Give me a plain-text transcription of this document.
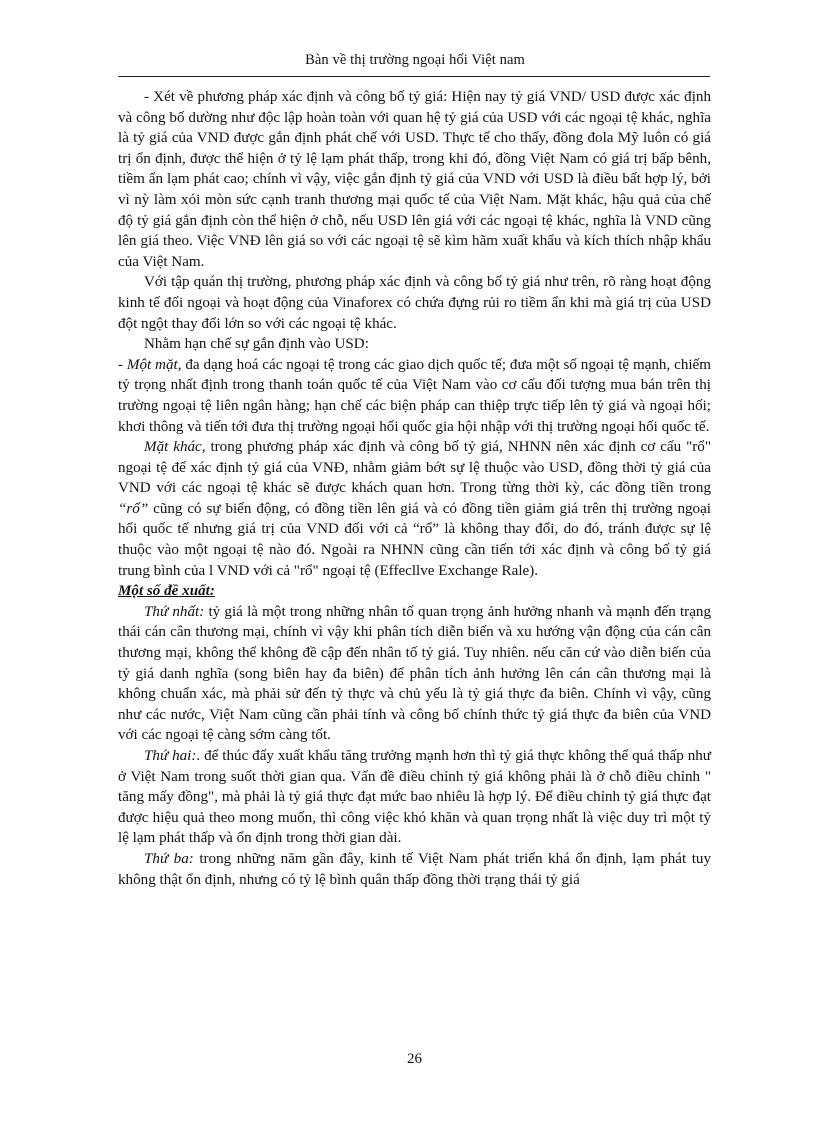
Bàn về thị trường ngoại hối Việt nam

- Xét về phương pháp xác định và công bố tỷ giá: Hiện nay tỷ giá VND/ USD được xác định và công bố dường như độc lập hoàn toàn với quan hệ tỷ giá của USD với các ngoại tệ khác, nghĩa là tỷ giá của VND được gắn định phát chế với USD. Thực tế cho thấy, đồng đola Mỹ luôn có giá trị ổn định, được thể hiện ở tỷ lệ lạm phát thấp, trong khi đó, đồng Việt Nam có giá trị bấp bênh, tiềm ẩn lạm phát cao; chính vì vậy, việc gắn định tỷ giá của VND với USD là điều bất hợp lý, bởi vì nỳ làm xói mòn sức cạnh tranh thương mại quốc tế của Việt Nam. Mặt khác, hậu quả của chế độ tỷ giá gắn định còn thể hiện ở chỗ, nếu USD lên giá với các ngoại tệ khác, nghĩa là VND cũng lên giá theo. Việc VNĐ lên giá so với các ngoại tệ sẽ kìm hãm xuất khẩu và kích thích nhập khẩu của Việt Nam.

Với tập quán thị trường, phương pháp xác định và công bố tỷ giá như trên, rõ ràng hoạt động kinh tế đối ngoại và hoạt động của Vinaforex có chứa đựng rủi ro tiềm ẩn khi mà giá trị của USD đột ngột thay đổi lớn so với các ngoại tệ khác.

Nhằm hạn chế sự gắn định vào USD:

- Một mặt, đa dạng hoá các ngoại tệ trong các giao dịch quốc tế; đưa một số ngoại tệ mạnh, chiếm tỷ trọng nhất định trong thanh toán quốc tế của Việt Nam vào cơ cấu đối tượng mua bán trên thị trường ngoại tệ liên ngân hàng; hạn chế các biện pháp can thiệp trực tiếp lên tỷ giá và ngoại hối; khơi thông và tiến tới đưa thị trường ngoại hối quốc gia hội nhập với thị trường ngoại hối quốc tế.

Mặt khác, trong phương pháp xác định và công bố tỷ giá, NHNN nên xác định cơ cấu "rổ" ngoại tệ để xác định tỷ giá của VNĐ, nhằm giảm bớt sự lệ thuộc vào USD, đồng thời tỷ giá của VND với các ngoại tệ khác sẽ được khách quan hơn. Trong từng thời kỳ, các đồng tiền trong “rổ” cũng có sự biến động, có đồng tiền lên giá và có đồng tiền giảm giá trên thị trường ngoại hối quốc tế nhưng giá trị của VND đối với cả “rổ” là không thay đổi, do đó, tránh được sự lệ thuộc vào một ngoại tệ nào đó. Ngoài ra NHNN cũng cần tiến tới xác định và công bố tỷ giá trung bình của l VND với cả "rổ" ngoại tệ (Effecllve Exchange Rale).

Một số đề xuất:

Thứ nhất: tỷ giá là một trong những nhân tố quan trọng ảnh hưởng nhanh và mạnh đến trạng thái cán cân thương mại, chính vì vậy khi phân tích diễn biến và xu hướng vận động của cán cân thương mại, không thể không đề cập đến nhân tố tỷ giá. Tuy nhiên. nếu căn cứ vào diễn biến của tỷ giá danh nghĩa (song biên hay đa biên) để phân tích ảnh hưởng lên cán cân thương mại là không chuẩn xác, mà phải sử đến tỷ thực và chủ yếu là tỷ giá thực đa biên. Chính vì vậy, cũng như các nước, Việt Nam cũng cần phải tính và công bố chính thức tỷ giá thực đa biên của VND với các ngoại tệ càng sớm càng tốt.

Thứ hai:. để thúc đẩy xuất khẩu tăng trưởng mạnh hơn thì tỷ giá thực không thể quá thấp như ở Việt Nam trong suốt thời gian qua. Vấn đề điều chỉnh tỷ giá không phải là ở chỗ điều chỉnh " tăng mấy đồng", mà phải là tỷ giá thực đạt mức bao nhiêu là hợp lý. Để điều chỉnh tỷ giá thực đạt được hiệu quả theo mong muốn, thì công việc khó khăn và quan trọng nhất là việc duy trì một tỷ lệ lạm phát thấp và ổn định trong thời gian dài.

Thứ ba: trong những năm gần đây, kinh tế Việt Nam phát triển khá ổn định, lạm phát tuy không thật ổn định, nhưng có tỷ lệ bình quân thấp đồng thời trạng thái tỷ giá

26
